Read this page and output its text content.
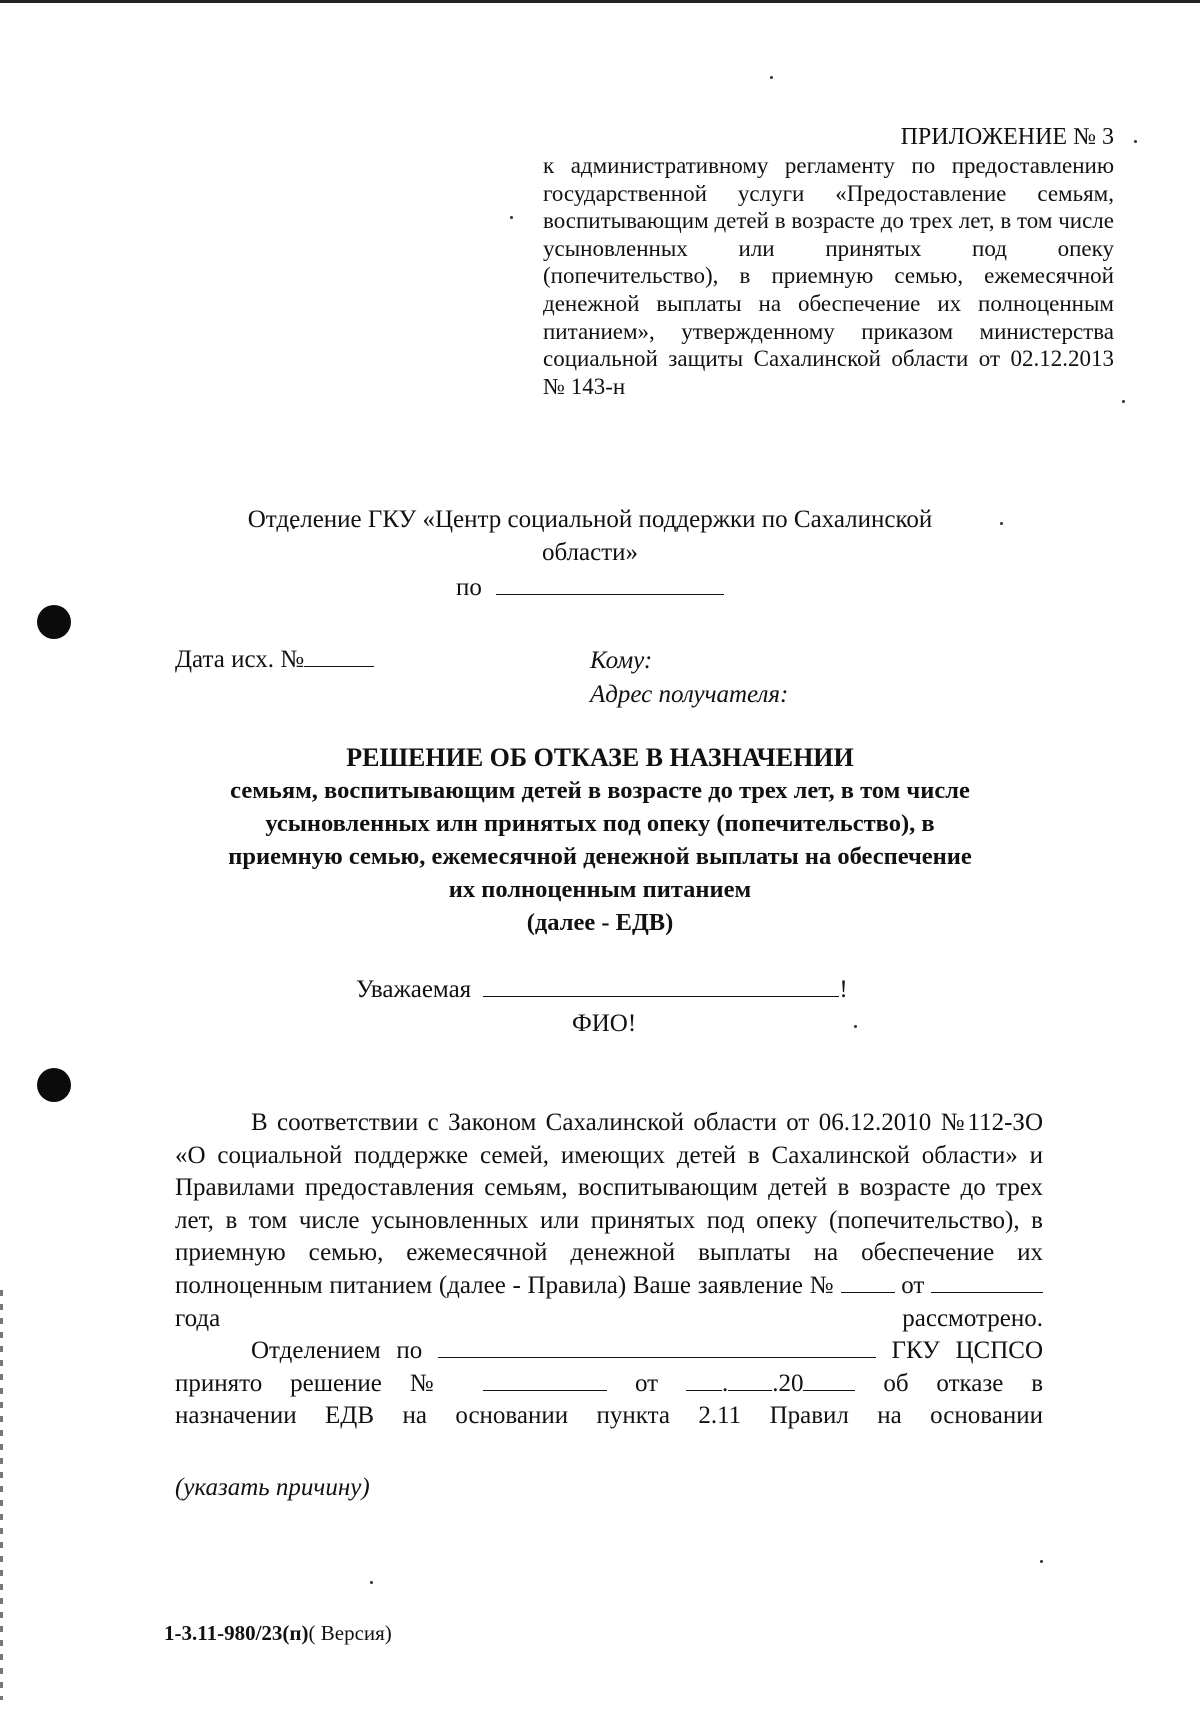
ПРИЛОЖЕНИЕ № 3
к административному регламенту по предоставлению государственной услуги «Предоставление семьям, воспитывающим детей в возрасте до трех лет, в том числе усыновленных или принятых под опеку (попечительство), в приемную семью, ежемесячной денежной выплаты на обеспечение их полноценным питанием», утвержденному приказом министерства социальной защиты Сахалинской области от 02.12.2013 № 143-н
Отделение ГКУ «Центр социальной поддержки по Сахалинской
области»
по
Дата исх. №	Кому:
Адрес получателя:
РЕШЕНИЕ ОБ ОТКАЗЕ В НАЗНАЧЕНИИ
семьям, воспитывающим детей в возрасте до трех лет, в том числе
усыновленных илн принятых под опеку (попечительство), в
приемную семью, ежемесячной денежной выплаты на обеспечение
их полноценным питанием
(далее - ЕДВ)
Уважаемая	!
ФИО!
В соответствии с Законом Сахалинской области от 06.12.2010 №112-ЗО «О социальной поддержке семей, имеющих детей в Сахалинской области» и Правилами предоставления семьям, воспитывающим детей в возрасте до трех лет, в том числе усыновленных или принятых под опеку (попечительство), в приемную семью, ежемесячной денежной выплаты на обеспечение их полноценным питанием (далее - Правила) Ваше заявление №	от  года	рассмотрено.
Отделением по	ГКУ ЦСПСО принято решение №	от	. .20	об отказе в
назначении ЕДВ на основании пункта 2.11 Правил на основании
(указать причину)
1-3.11-980/23(п)( Версия)
